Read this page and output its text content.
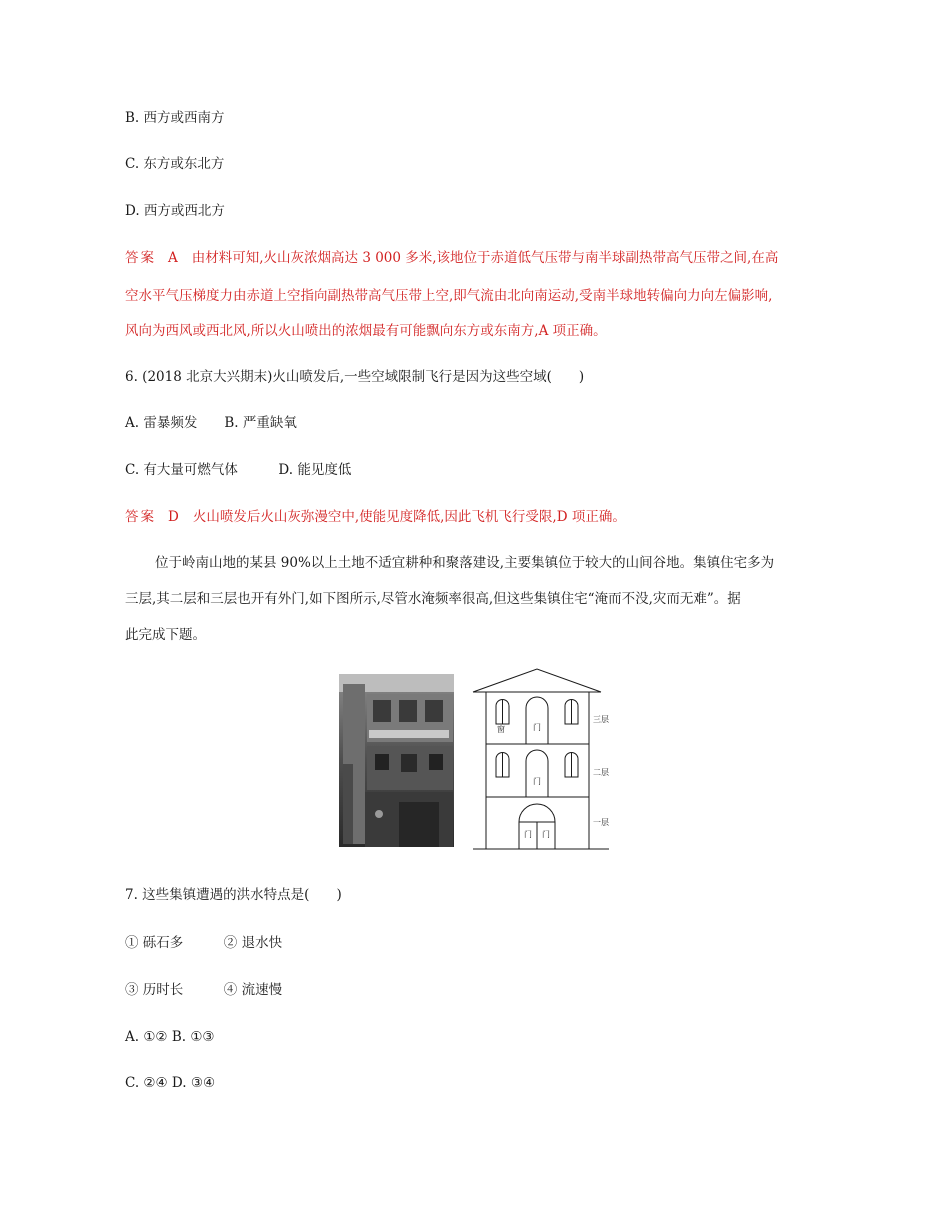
B. 西方或西南方

C. 东方或东北方

D. 西方或西北方

答案 A 由材料可知,火山灰浓烟高达 3 000 多米,该地位于赤道低气压带与南半球副热带高气压带之间,在高

空水平气压梯度力由赤道上空指向副热带高气压带上空,即气流由北向南运动,受南半球地转偏向力向左偏影响,

风向为西风或西北风,所以火山喷出的浓烟最有可能飘向东方或东南方,A 项正确。

6. (2018 北京大兴期末)火山喷发后,一些空域限制飞行是因为这些空域(　　)

A. 雷暴频发　　B. 严重缺氧

C. 有大量可燃气体　　　D. 能见度低

答案 D 火山喷发后火山灰弥漫空中,使能见度降低,因此飞机飞行受限,D 项正确。

位于岭南山地的某县 90%以上土地不适宜耕种和聚落建设,主要集镇位于较大的山间谷地。集镇住宅多为

三层,其二层和三层也开有外门,如下图所示,尽管水淹频率很高,但这些集镇住宅“淹而不没,灾而无难”。据

此完成下题。

窗	门
门
门 门
三层
二层
一层

7. 这些集镇遭遇的洪水特点是(　　)

① 砾石多　　　② 退水快

③ 历时长　　　④ 流速慢

A. ①② B. ①③

C. ②④ D. ③④
